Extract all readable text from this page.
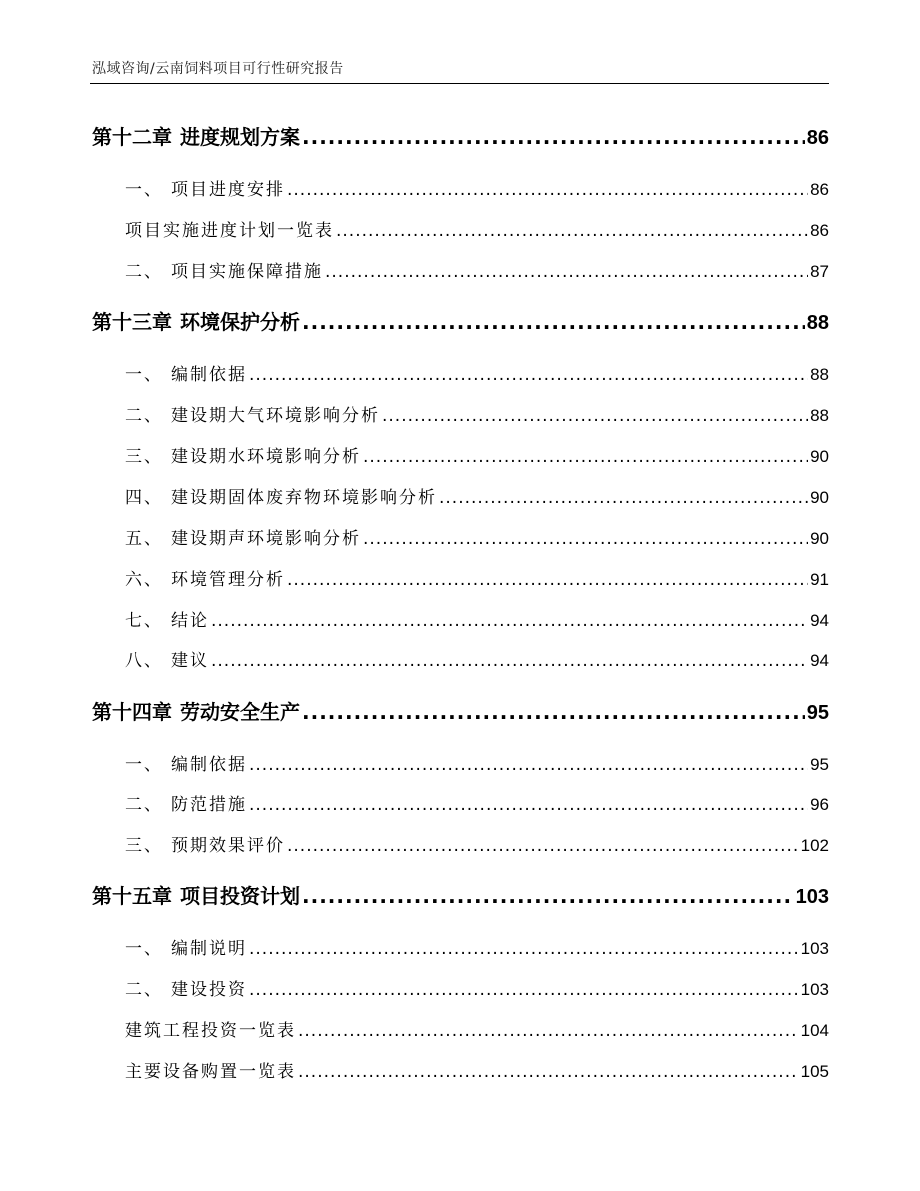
泓域咨询/云南饲料项目可行性研究报告
第十二章 进度规划方案 .....	86
一、 项目进度安排 .....	86
项目实施进度计划一览表 .....	86
二、 项目实施保障措施 .....	87
第十三章 环境保护分析 .....	88
一、 编制依据 .....	88
二、 建设期大气环境影响分析 .....	88
三、 建设期水环境影响分析 .....	90
四、 建设期固体废弃物环境影响分析 .....	90
五、 建设期声环境影响分析 .....	90
六、 环境管理分析 .....	91
七、 结论 .....	94
八、 建议 .....	94
第十四章 劳动安全生产 .....	95
一、 编制依据 .....	95
二、 防范措施 .....	96
三、 预期效果评价 .....	102
第十五章 项目投资计划 .....	103
一、 编制说明 .....	103
二、 建设投资 .....	103
建筑工程投资一览表 .....	104
主要设备购置一览表 .....	105
